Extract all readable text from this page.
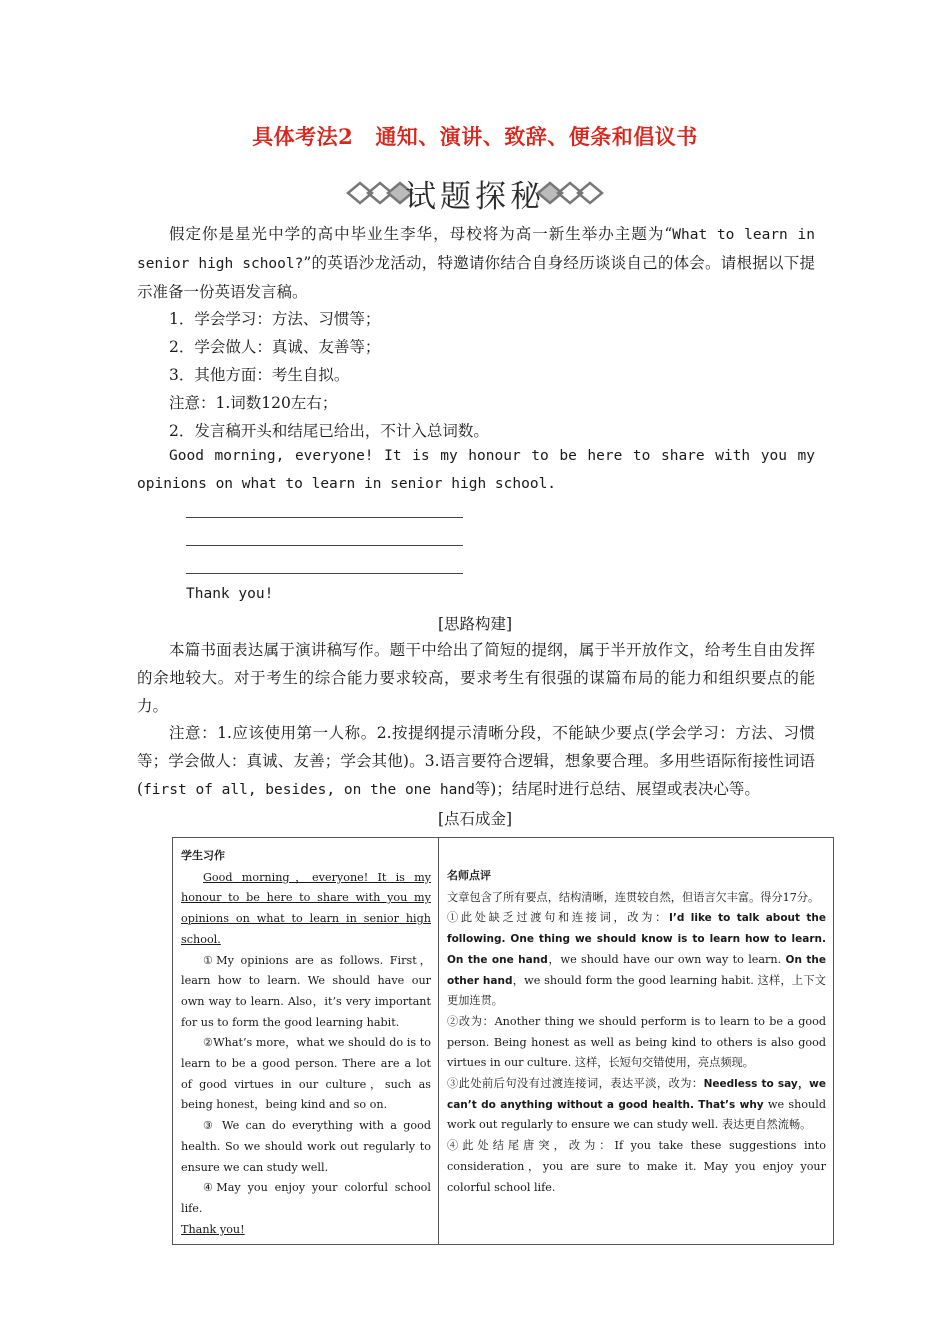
具体考法2 通知、演讲、致辞、便条和倡议书
试题探秘
假定你是星光中学的高中毕业生李华，母校将为高一新生举办主题为“What to learn in senior high school?”的英语沙龙活动，特邀请你结合自身经历谈谈自己的体会。请根据以下提示准备一份英语发言稿。
1．学会学习：方法、习惯等；
2．学会做人：真诚、友善等；
3．其他方面：考生自拟。
注意：1.词数120左右；
2．发言稿开头和结尾已给出，不计入总词数。
Good morning, everyone! It is my honour to be here to share with you my opinions on what to learn in senior high school.
Thank you!
[思路构建]
本篇书面表达属于演讲稿写作。题干中给出了简短的提纲，属于半开放作文，给考生自由发挥的余地较大。对于考生的综合能力要求较高，要求考生有很强的谋篇布局的能力和组织要点的能力。
注意：1.应该使用第一人称。2.按提纲提示清晰分段，不能缺少要点(学会学习：方法、习惯等；学会做人：真诚、友善；学会其他)。3.语言要符合逻辑，想象要合理。多用些语际衔接性词语(first of all, besides, on the one hand等)；结尾时进行总结、展望或表决心等。
[点石成金]
学生习作
Good morning，everyone! It is my honour to be here to share with you my opinions on what to learn in senior high school.
①My opinions are as follows. First，learn how to learn. We should have our own way to learn. Also，it’s very important for us to form the good learning habit.
②What’s more，what we should do is to learn to be a good person. There are a lot of good virtues in our culture，such as being honest，being kind and so on.
③ We can do everything with a good health. So we should work out regularly to ensure we can study well.
④May you enjoy your colorful school life.
Thank you!

名师点评
文章包含了所有要点，结构清晰，连贯较自然，但语言欠丰富。得分17分。
①此处缺乏过渡句和连接词，改为：I’d like to talk about the following. One thing we should know is to learn how to learn. On the one hand，we should have our own way to learn. On the other hand，we should form the good learning habit. 这样，上下文更加连贯。
②改为：Another thing we should perform is to learn to be a good person. Being honest as well as being kind to others is also good virtues in our culture. 这样，长短句交错使用，亮点频现。
③此处前后句没有过渡连接词，表达平淡，改为：Needless to say，we can’t do anything without a good health. That’s why we should work out regularly to ensure we can study well. 表达更自然流畅。
④此处结尾唐突，改为：If you take these suggestions into consideration，you are sure to make it. May you enjoy your colorful school life.
